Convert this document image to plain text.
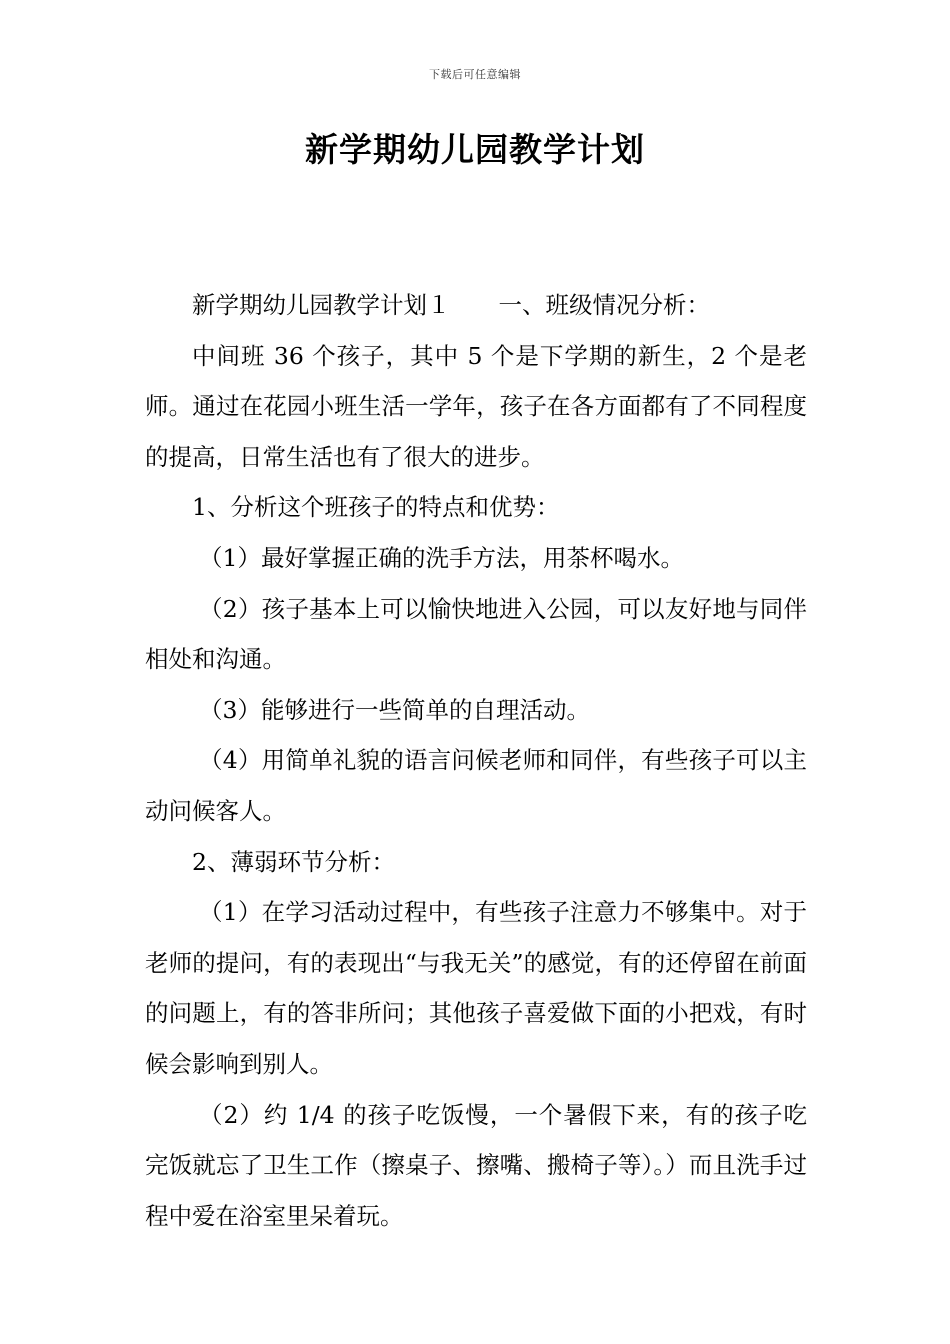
下载后可任意编辑
新学期幼儿园教学计划

新学期幼儿园教学计划１ 一、班级情况分析：

中间班 36 个孩子，其中 5 个是下学期的新生，2 个是老师。通过在花园小班生活一学年，孩子在各方面都有了不同程度的提高，日常生活也有了很大的进步。

1、分析这个班孩子的特点和优势：

（1）最好掌握正确的洗手方法，用茶杯喝水。

（2）孩子基本上可以愉快地进入公园，可以友好地与同伴相处和沟通。

（3）能够进行一些简单的自理活动。

（4）用简单礼貌的语言问候老师和同伴，有些孩子可以主动问候客人。

2、薄弱环节分析：

（1）在学习活动过程中，有些孩子注意力不够集中。对于老师的提问，有的表现出“与我无关”的感觉，有的还停留在前面的问题上，有的答非所问；其他孩子喜爱做下面的小把戏，有时候会影响到别人。

（2）约 1/4 的孩子吃饭慢，一个暑假下来，有的孩子吃完饭就忘了卫生工作（擦桌子、擦嘴、搬椅子等）。）而且洗手过程中爱在浴室里呆着玩。
